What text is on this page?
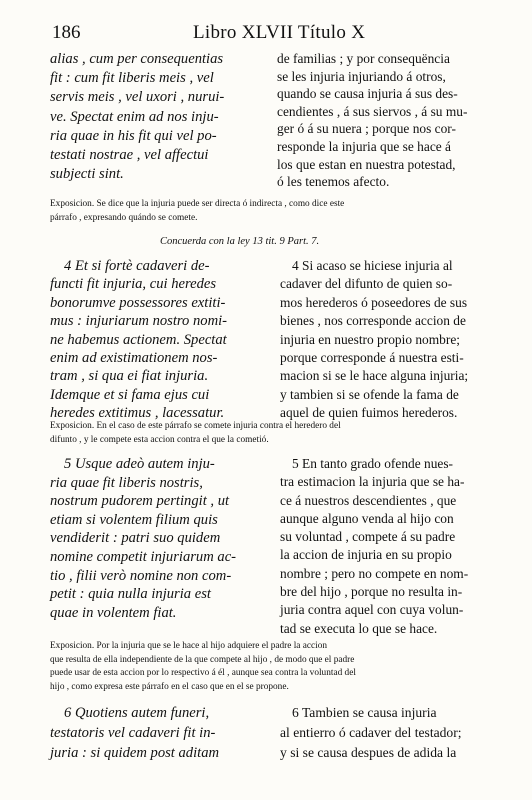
186	Libro XLVII Título X
alias , cum per consequentias
fit : cum fit liberis meis , vel
servis meis , vel uxori , nurui-
ve. Spectat enim ad nos inju-
ria quae in his fit qui vel po-
testati nostrae , vel affectui
subjecti sint.
de familias ; y por consequëncia
se les injuria injuriando á otros,
quando se causa injuria á sus des-
cendientes , á sus siervos , á su mu-
ger ó á su nuera ; porque nos cor-
responde la injuria que se hace á
los que estan en nuestra potestad,
ó les tenemos afecto.
Exposicion. Se dice que la injuria puede ser directa ó indirecta , como dice este
párrafo , expresando quándo se comete.
Concuerda con la ley 13 tit. 9 Part. 7.
4 Et si fortè cadaveri de-
functi fit injuria, cui heredes
bonorumve possessores extiti-
mus : injuriarum nostro nomi-
ne habemus actionem. Spectat
enim ad existimationem nos-
tram , si qua ei fiat injuria.
Idemque et si fama ejus cui
heredes extitimus , lacessatur.
4 Si acaso se hiciese injuria al
cadaver del difunto de quien so-
mos herederos ó poseedores de sus
bienes , nos corresponde accion de
injuria en nuestro propio nombre;
porque corresponde á nuestra esti-
macion si se le hace alguna injuria;
y tambien si se ofende la fama de
aquel de quien fuimos herederos.
Exposicion. En el caso de este párrafo se comete injuria contra el heredero del
difunto , y le compete esta accion contra el que la cometió.
5 Usque adeò autem inju-
ria quae fit liberis nostris,
nostrum pudorem pertingit , ut
etiam si volentem filium quis
vendiderit : patri suo quidem
nomine competit injuriarum ac-
tio , filii verò nomine non com-
petit : quia nulla injuria est
quae in volentem fiat.
5 En tanto grado ofende nues-
tra estimacion la injuria que se ha-
ce á nuestros descendientes , que
aunque alguno venda al hijo con
su voluntad , compete á su padre
la accion de injuria en su propio
nombre ; pero no compete en nom-
bre del hijo , porque no resulta in-
juria contra aquel con cuya volun-
tad se executa lo que se hace.
Exposicion. Por la injuria que se le hace al hijo adquiere el padre la accion
que resulta de ella independiente de la que compete al hijo , de modo que el padre
puede usar de esta accion por lo respectivo á él , aunque sea contra la voluntad del
hijo , como expresa este párrafo en el caso que en el se propone.
6 Quotiens autem funeri,
testatoris vel cadaveri fit in-
juria : si quidem post aditam
6 Tambien se causa injuria
al entierro ó cadaver del testador;
y si se causa despues de adida la
